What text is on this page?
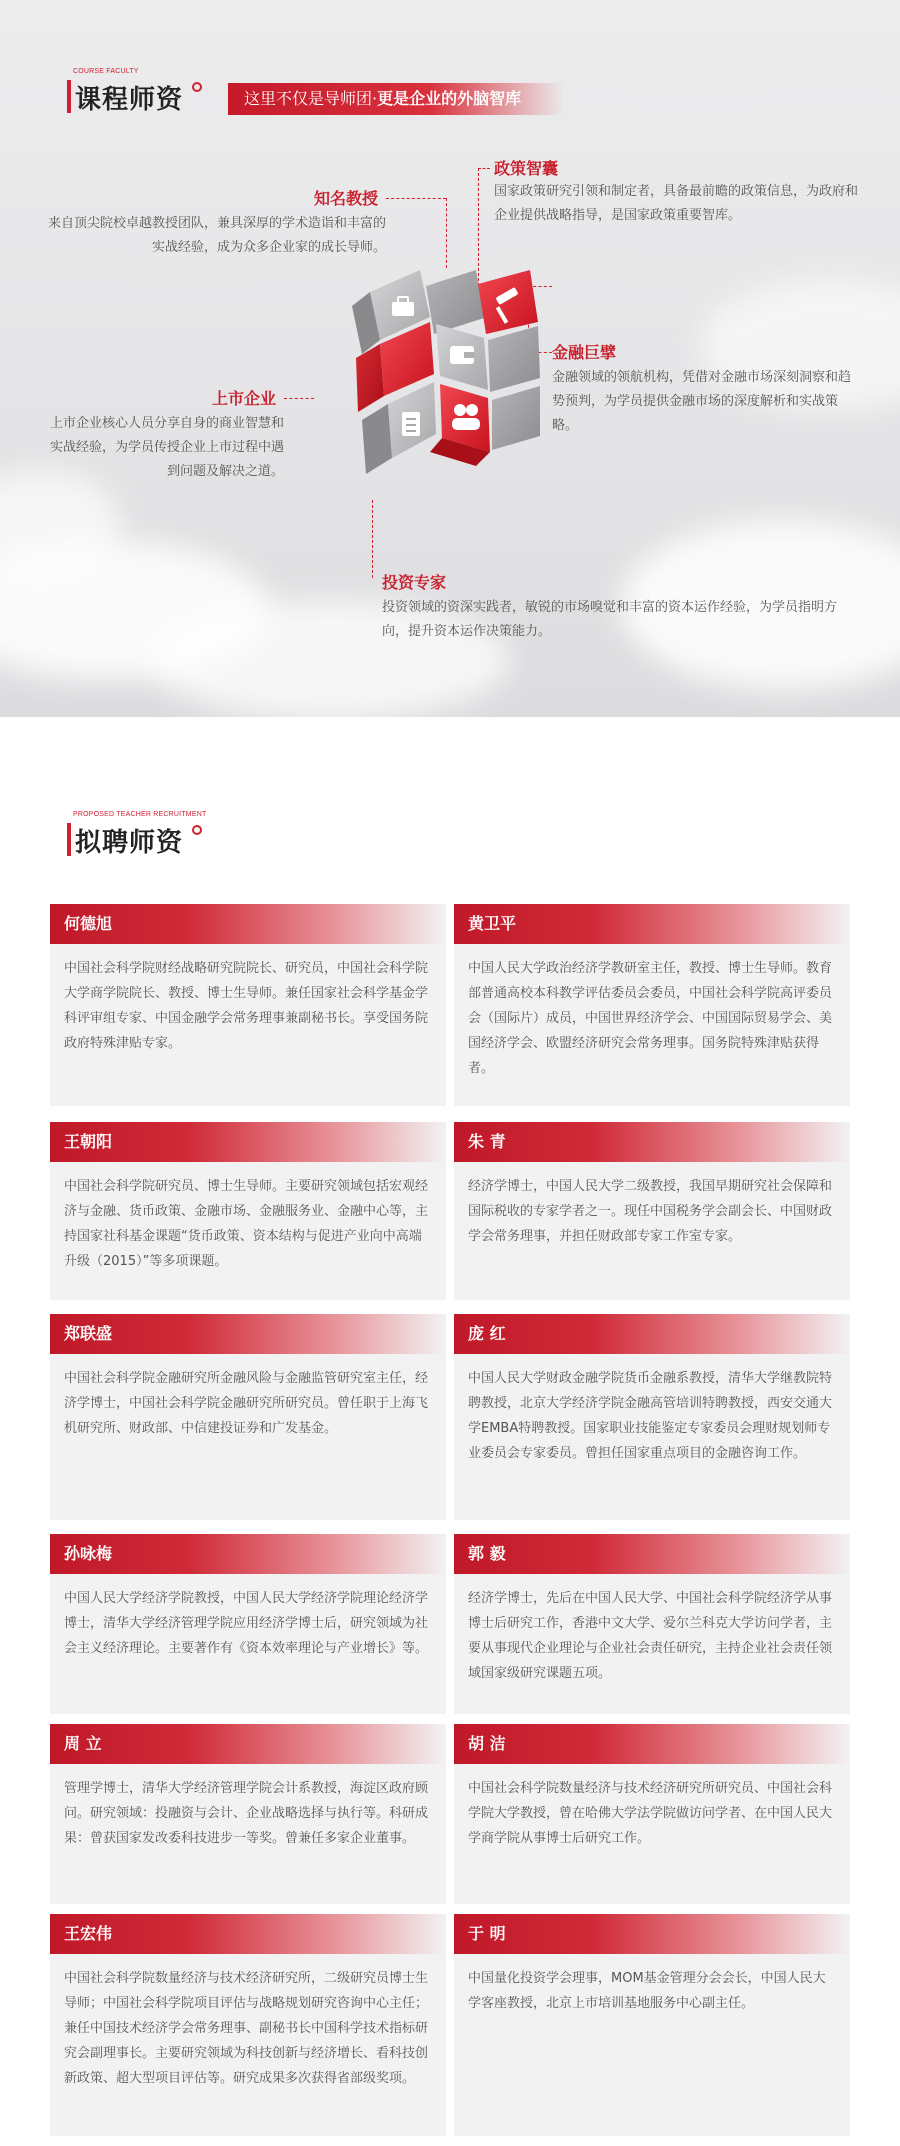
COURSE FACULTY
课程师资	这里不仅是导师团·更是企业的外脑智库
知名教授
来自顶尖院校卓越教授团队，兼具深厚的学术造诣和丰富的实战经验，成为众多企业家的成长导师。
政策智囊
国家政策研究引领和制定者，具备最前瞻的政策信息，为政府和企业提供战略指导，是国家政策重要智库。
金融巨擘
金融领域的领航机构，凭借对金融市场深刻洞察和趋势预判，为学员提供金融市场的深度解析和实战策略。
上市企业
上市企业核心人员分享自身的商业智慧和实战经验，为学员传授企业上市过程中遇到问题及解决之道。
投资专家
投资领域的资深实践者，敏锐的市场嗅觉和丰富的资本运作经验，为学员指明方向，提升资本运作决策能力。
PROPOSED TEACHER RECRUITMENT
拟聘师资
何德旭
中国社会科学院财经战略研究院院长、研究员，中国社会科学院大学商学院院长、教授、博士生导师。兼任国家社会科学基金学科评审组专家、中国金融学会常务理事兼副秘书长。享受国务院政府特殊津贴专家。
黄卫平
中国人民大学政治经济学教研室主任，教授、博士生导师。教育部普通高校本科教学评估委员会委员，中国社会科学院高评委员会（国际片）成员，中国世界经济学会、中国国际贸易学会、美国经济学会、欧盟经济研究会常务理事。国务院特殊津贴获得者。
王朝阳
中国社会科学院研究员、博士生导师。主要研究领域包括宏观经济与金融、货币政策、金融市场、金融服务业、金融中心等，主持国家社科基金课题“货币政策、资本结构与促进产业向中高端升级（2015）”等多项课题。
朱 青
经济学博士，中国人民大学二级教授，我国早期研究社会保障和国际税收的专家学者之一。现任中国税务学会副会长、中国财政学会常务理事，并担任财政部专家工作室专家。
郑联盛
中国社会科学院金融研究所金融风险与金融监管研究室主任，经济学博士，中国社会科学院金融研究所研究员。曾任职于上海飞机研究所、财政部、中信建投证券和广发基金。
庞 红
中国人民大学财政金融学院货币金融系教授，清华大学继教院特聘教授，北京大学经济学院金融高管培训特聘教授，西安交通大学EMBA特聘教授。国家职业技能鉴定专家委员会理财规划师专业委员会专家委员。曾担任国家重点项目的金融咨询工作。
孙咏梅
中国人民大学经济学院教授，中国人民大学经济学院理论经济学博士，清华大学经济管理学院应用经济学博士后，研究领域为社会主义经济理论。主要著作有《资本效率理论与产业增长》等。
郭 毅
经济学博士，先后在中国人民大学、中国社会科学院经济学从事博士后研究工作，香港中文大学、爱尔兰科克大学访问学者，主要从事现代企业理论与企业社会责任研究，主持企业社会责任领域国家级研究课题五项。
周 立
管理学博士，清华大学经济管理学院会计系教授，海淀区政府顾问。研究领域：投融资与会计、企业战略选择与执行等。科研成果：曾获国家发改委科技进步一等奖。曾兼任多家企业董事。
胡 洁
中国社会科学院数量经济与技术经济研究所研究员、中国社会科学院大学教授，曾在哈佛大学法学院做访问学者、在中国人民大学商学院从事博士后研究工作。
王宏伟
中国社会科学院数量经济与技术经济研究所，二级研究员博士生导师；中国社会科学院项目评估与战略规划研究咨询中心主任；兼任中国技术经济学会常务理事、副秘书长中国科学技术指标研究会副理事长。主要研究领域为科技创新与经济增长、看科技创新政策、超大型项目评估等。研究成果多次获得省部级奖项。
于 明
中国量化投资学会理事，MOM基金管理分会会长，中国人民大学客座教授，北京上市培训基地服务中心副主任。
